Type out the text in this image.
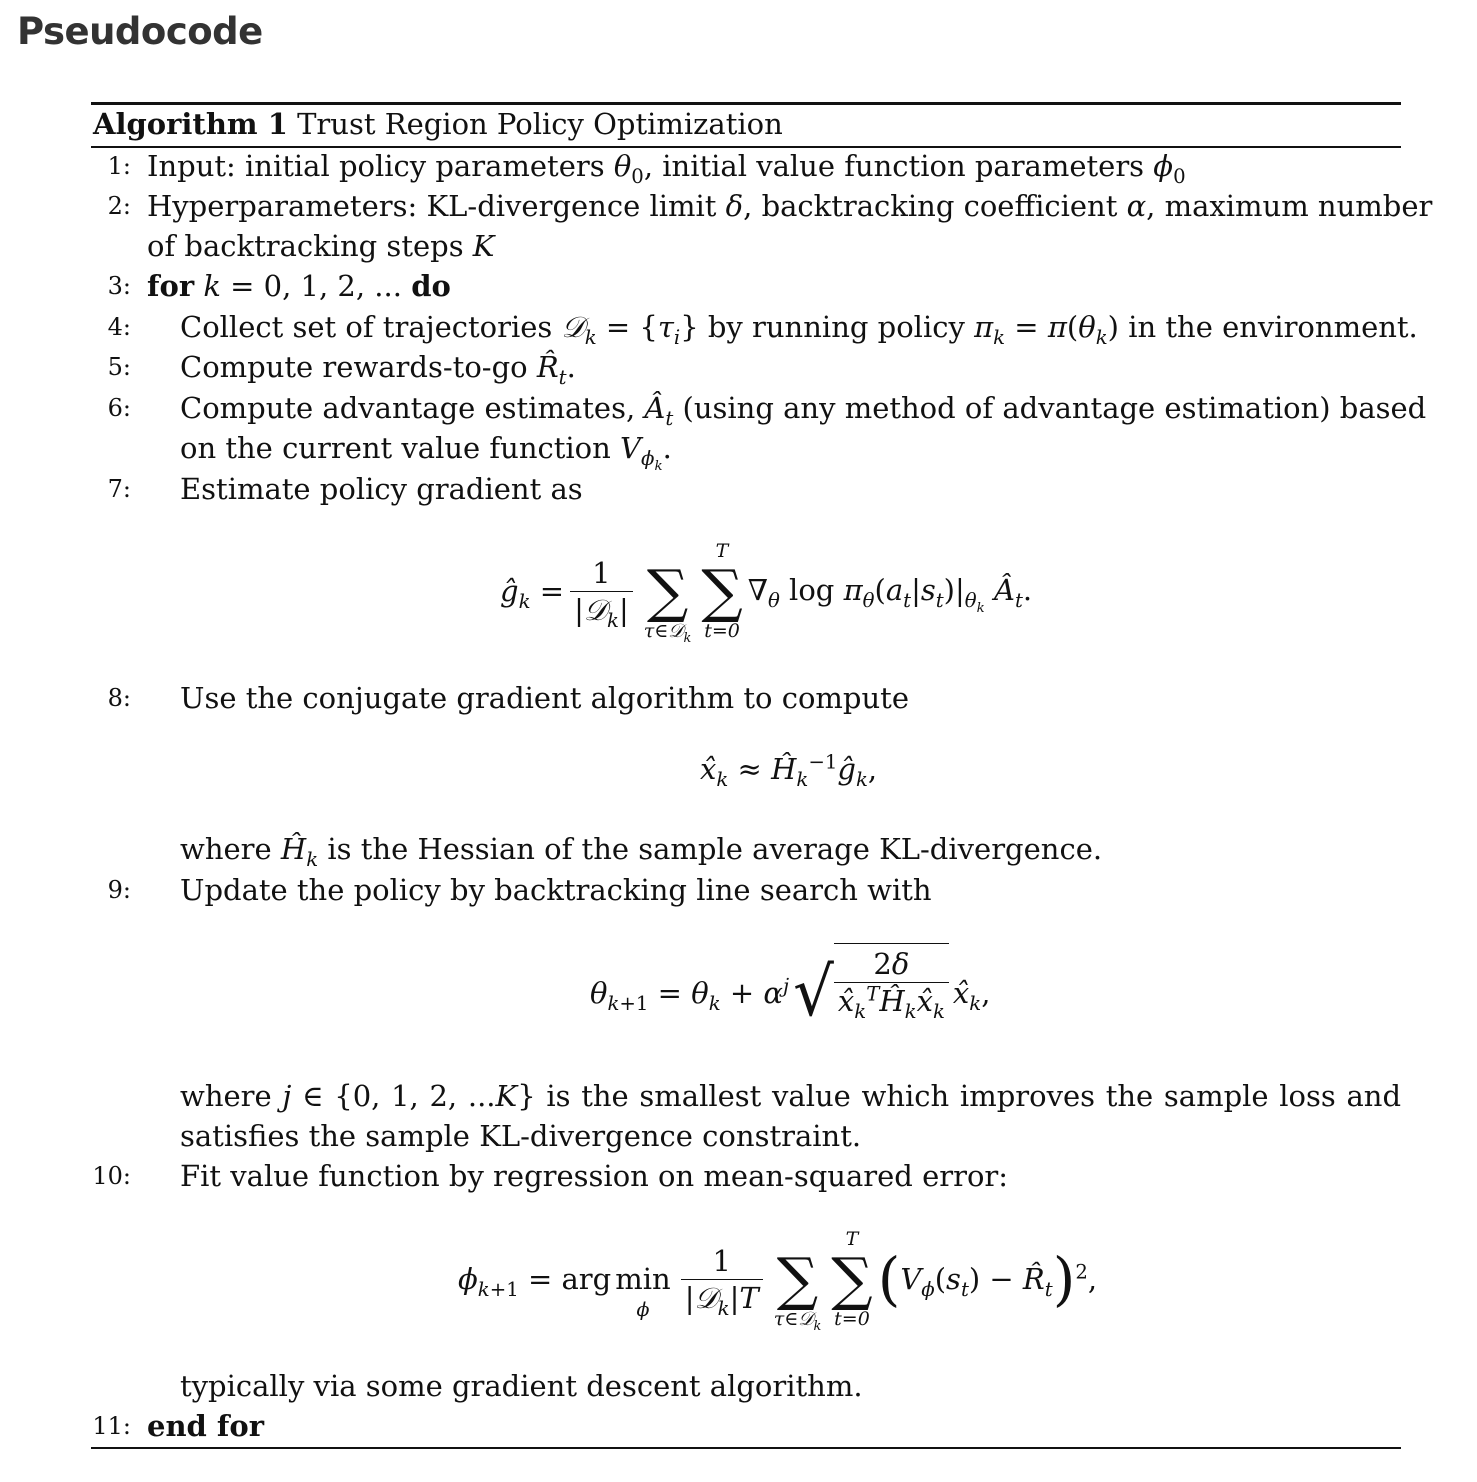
Pseudocode
Algorithm 1 Trust Region Policy Optimization
1: Input: initial policy parameters $\theta_0$, initial value function parameters $\phi_0$
2: Hyperparameters: KL-divergence limit δ, backtracking coefficient α, maximum number
of backtracking steps K
3: for k = 0, 1, 2, ... do
4: Collect set of trajectories 𝒟$_k$ = $\{\tau_i\}$ by running policy $\pi_k = \pi(\theta_k)$ in the environment.
5: Compute rewards-to-go $R̂_t$.
6: Compute advantage estimates, $Â_t$ (using any method of advantage estimation) based
on the current value function $V_{\phi_k}$.
7: Estimate policy gradient as
$ĝ_k = \frac{1}{|𝒟_k|}$ ∑
τ∈𝒟$_k$
T
∑
t=0
$\nabla_\theta$ $\log \pi_\theta(a_t|s_t)|_{\theta_k}$ $Â_t$.
8: Use the conjugate gradient algorithm to compute
$x̂_k$ ≈ $Ĥ_k^{-1}ĝ_k$,
where $Ĥ_k$ is the Hessian of the sample average KL-divergence.
9: Update the policy by backtracking line search with
$\theta_{k+1} = \theta_k + \alpha^j$ √ $\frac{2\delta}{x̂_k^TĤ_kx̂_k}$ $x̂_k$,
where j ∈ {0, 1, 2, ...K} is the smallest value which improves the sample loss and
satisfies the sample KL-divergence constraint.
10: Fit value function by regression on mean-squared error:
$\phi_{k+1}$ = arg min
ϕ $\frac{1}{|𝒟_k|T}$ ∑
τ∈𝒟$_k$
T
∑
t=0
( $V_\phi(s_t)$ − $R̂_t$ ) $^2$,
typically via some gradient descent algorithm.
11: end for
